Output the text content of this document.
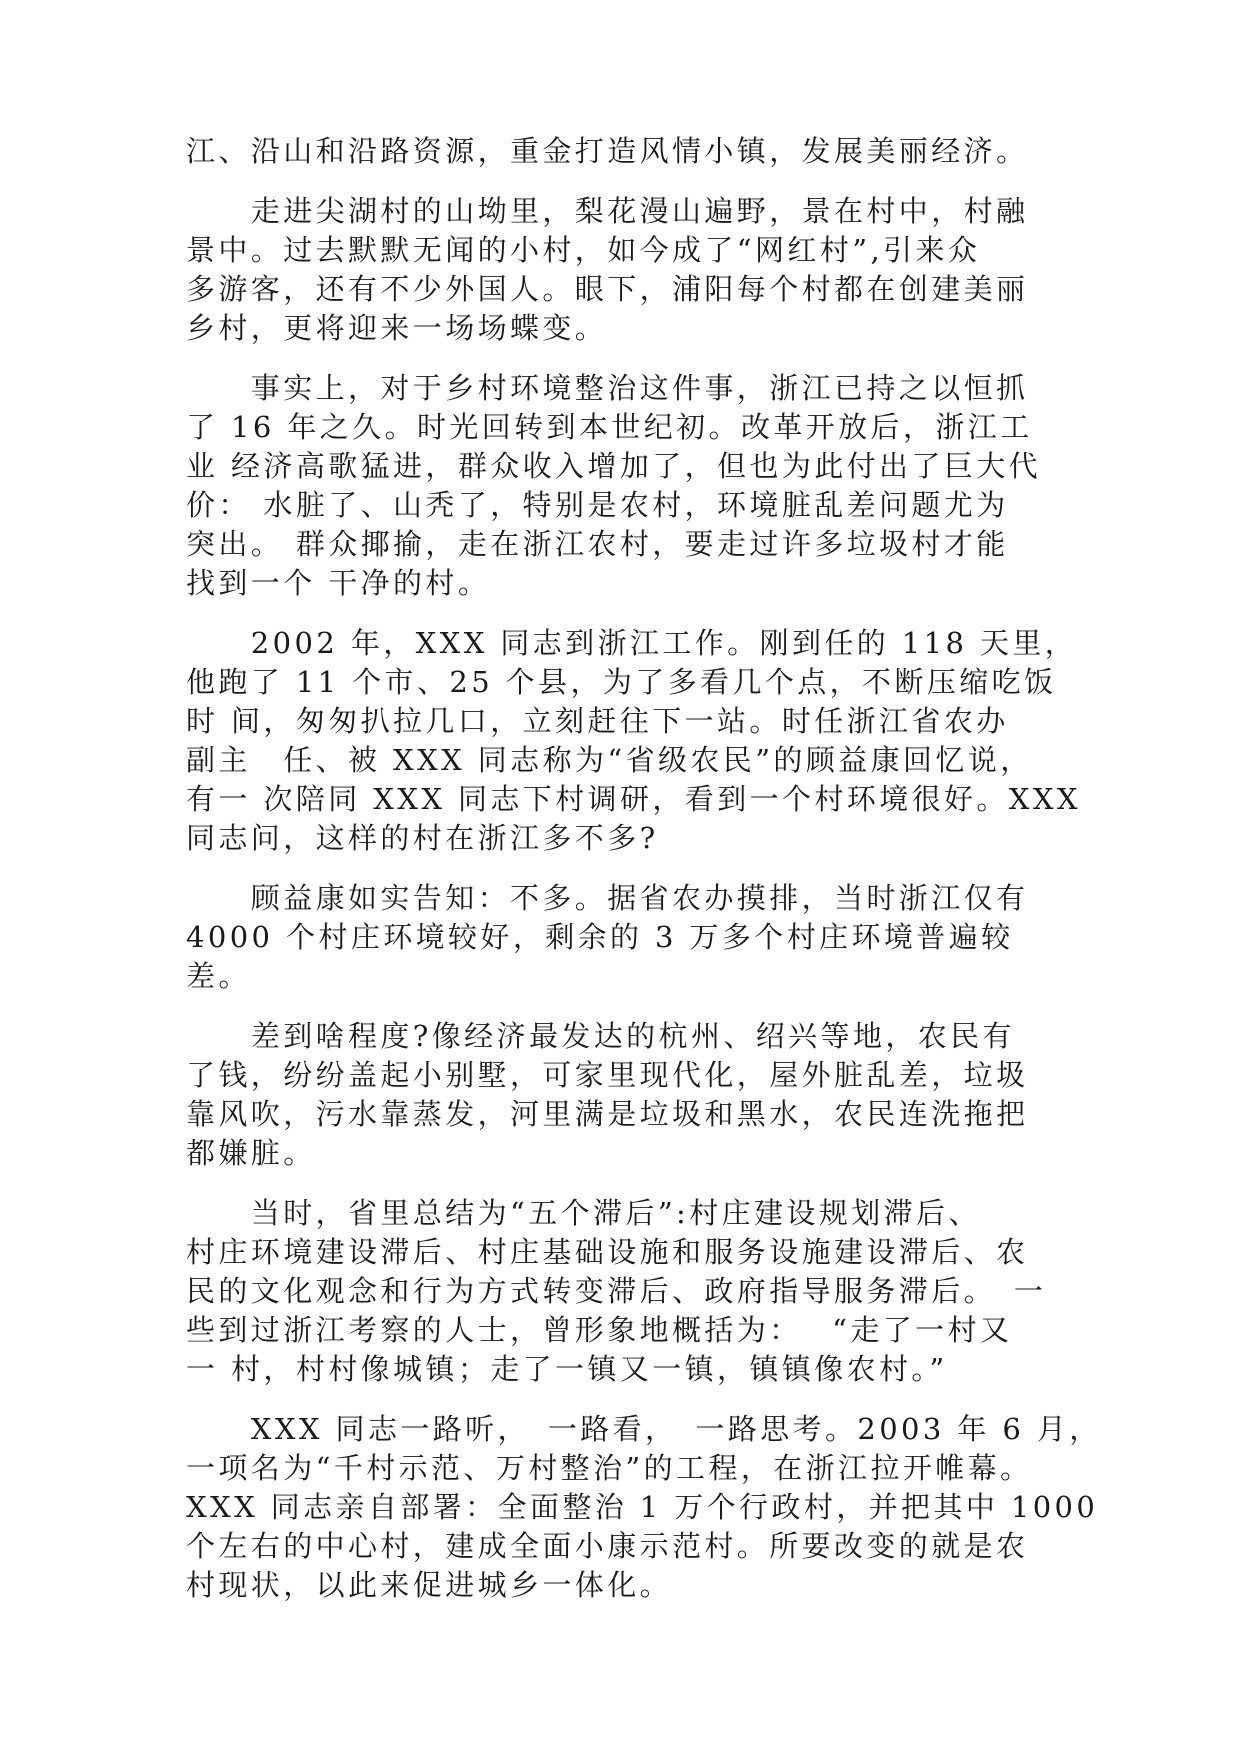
江、沿山和沿路资源，重金打造风情小镇，发展美丽经济。

　　走进尖湖村的山坳里，梨花漫山遍野，景在村中，村融
景中。过去默默无闻的小村，如今成了“网红村”,引来众
多游客，还有不少外国人。眼下，浦阳每个村都在创建美丽
乡村，更将迎来一场场蝶变。

　　事实上，对于乡村环境整治这件事，浙江已持之以恒抓
了 16 年之久。时光回转到本世纪初。改革开放后，浙江工
业 经济高歌猛进，群众收入增加了，但也为此付出了巨大代
价： 水脏了、山秃了，特别是农村，环境脏乱差问题尤为
突出。 群众揶揄，走在浙江农村，要走过许多垃圾村才能
找到一个 干净的村。

　　2002 年，XXX 同志到浙江工作。刚到任的 118 天里，
他跑了 11 个市、25 个县，为了多看几个点，不断压缩吃饭
时 间，匆匆扒拉几口，立刻赶往下一站。时任浙江省农办
副主　任、被 XXX 同志称为“省级农民”的顾益康回忆说，
有一 次陪同 XXX 同志下村调研，看到一个村环境很好。XXX
同志问，这样的村在浙江多不多?

　　顾益康如实告知：不多。据省农办摸排，当时浙江仅有
4000 个村庄环境较好，剩余的 3 万多个村庄环境普遍较
差。

　　差到啥程度?像经济最发达的杭州、绍兴等地，农民有
了钱，纷纷盖起小别墅，可家里现代化，屋外脏乱差，垃圾
靠风吹，污水靠蒸发，河里满是垃圾和黑水，农民连洗拖把
都嫌脏。

　　当时，省里总结为“五个滞后”:村庄建设规划滞后、
村庄环境建设滞后、村庄基础设施和服务设施建设滞后、农
民的文化观念和行为方式转变滞后、政府指导服务滞后。　一
些到过浙江考察的人士，曾形象地概括为：　 “走了一村又
一 村，村村像城镇；走了一镇又一镇，镇镇像农村。”

　　XXX 同志一路听，　一路看，　一路思考。2003 年 6 月，
一项名为“千村示范、万村整治”的工程，在浙江拉开帷幕。
XXX 同志亲自部署：全面整治 1 万个行政村，并把其中 1000
个左右的中心村，建成全面小康示范村。所要改变的就是农
村现状，以此来促进城乡一体化。
